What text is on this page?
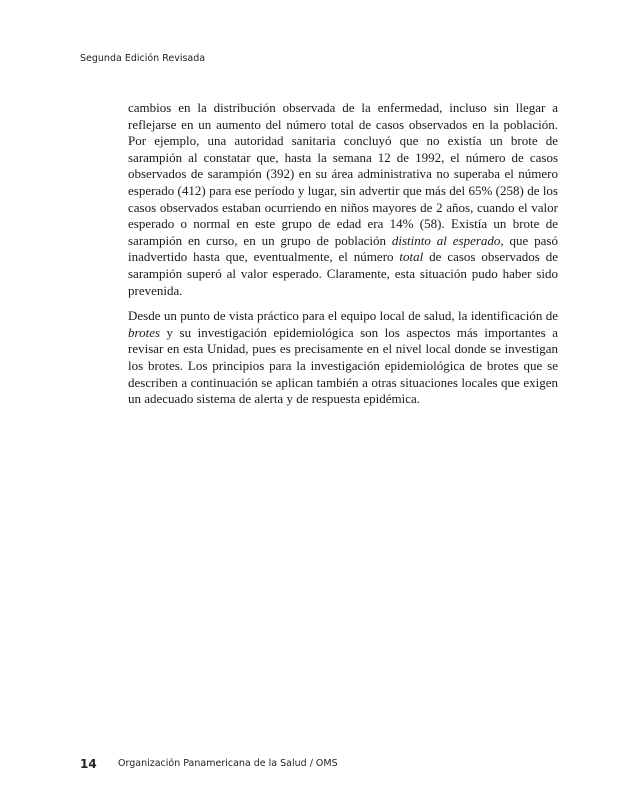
Segunda Edición Revisada

cambios en la distribución observada de la enfermedad, incluso sin llegar a reflejarse en un aumento del número total de casos observados en la población. Por ejemplo, una autoridad sanitaria concluyó que no existía un brote de sarampión al constatar que, hasta la semana 12 de 1992, el número de casos observados de sarampión (392) en su área administrativa no superaba el número esperado (412) para ese período y lugar, sin advertir que más del 65% (258) de los casos observados estaban ocurriendo en niños mayores de 2 años, cuando el valor esperado o normal en este grupo de edad era 14% (58). Existía un brote de sarampión en curso, en un grupo de población distinto al esperado, que pasó inadvertido hasta que, eventualmente, el número total de casos observados de sarampión superó al valor esperado. Claramente, esta situación pudo haber sido prevenida.

Desde un punto de vista práctico para el equipo local de salud, la identificación de brotes y su investigación epidemiológica son los aspectos más importantes a revisar en esta Unidad, pues es precisamente en el nivel local donde se investigan los brotes. Los principios para la investigación epidemiológica de brotes que se describen a continuación se aplican también a otras situaciones locales que exigen un adecuado sistema de alerta y de respuesta epidémica.

14 Organización Panamericana de la Salud / OMS
